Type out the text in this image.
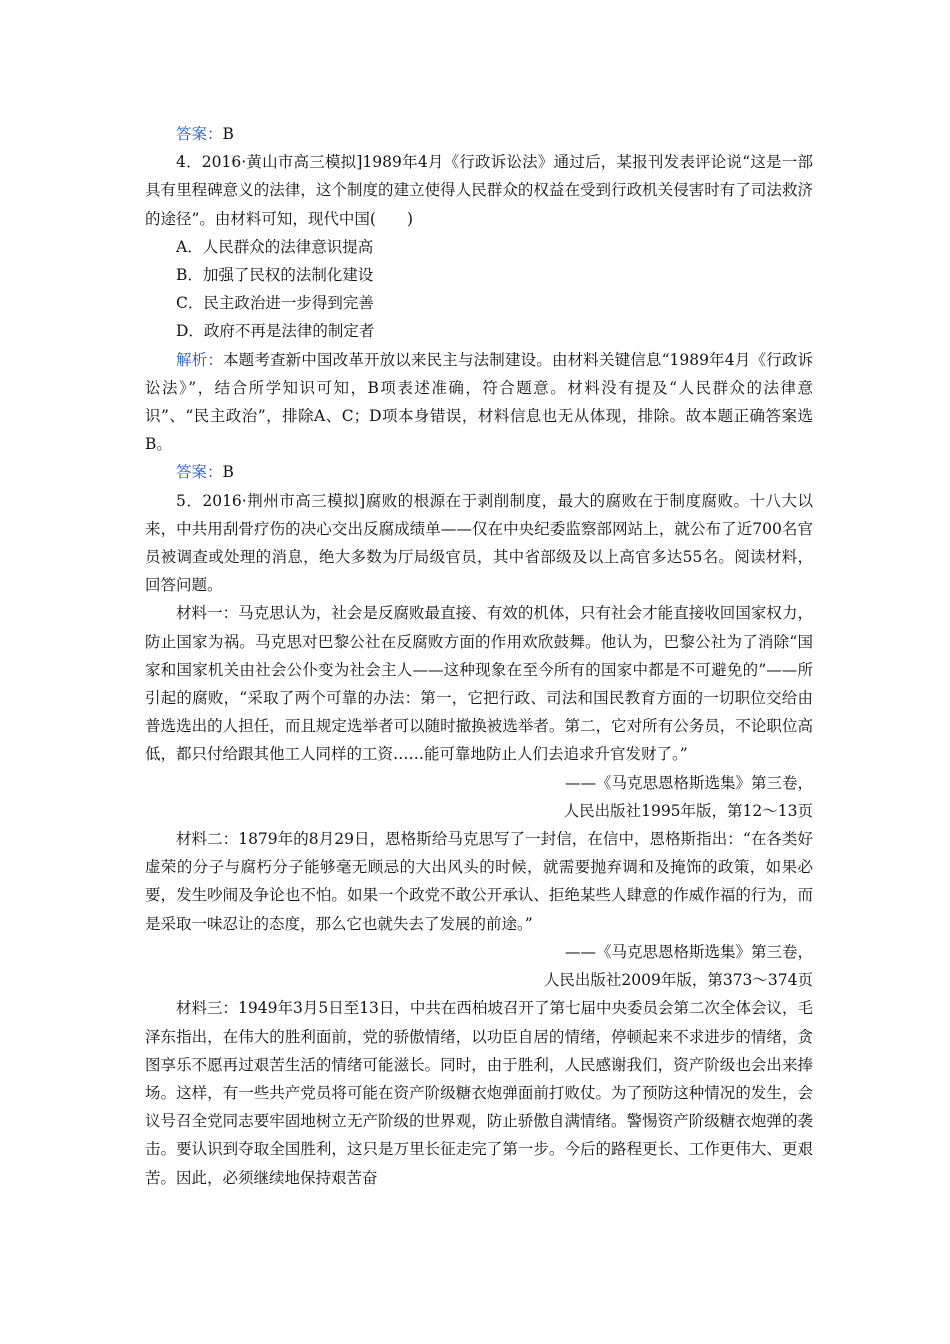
答案：B

4．2016·黄山市高三模拟]1989年4月《行政诉讼法》通过后，某报刊发表评论说“这是一部具有里程碑意义的法律，这个制度的建立使得人民群众的权益在受到行政机关侵害时有了司法救济的途径”。由材料可知，现代中国(　　)

A．人民群众的法律意识提高

B．加强了民权的法制化建设

C．民主政治进一步得到完善

D．政府不再是法律的制定者

解析：本题考查新中国改革开放以来民主与法制建设。由材料关键信息“1989年4月《行政诉讼法》”，结合所学知识可知，B项表述准确，符合题意。材料没有提及“人民群众的法律意识”、“民主政治”，排除A、C；D项本身错误，材料信息也无从体现，排除。故本题正确答案选B。

答案：B

5．2016·荆州市高三模拟]腐败的根源在于剥削制度，最大的腐败在于制度腐败。十八大以来，中共用刮骨疗伤的决心交出反腐成绩单——仅在中央纪委监察部网站上，就公布了近700名官员被调查或处理的消息，绝大多数为厅局级官员，其中省部级及以上高官多达55名。阅读材料，回答问题。

材料一：马克思认为，社会是反腐败最直接、有效的机体，只有社会才能直接收回国家权力，防止国家为祸。马克思对巴黎公社在反腐败方面的作用欢欣鼓舞。他认为，巴黎公社为了消除“国家和国家机关由社会公仆变为社会主人——这种现象在至今所有的国家中都是不可避免的”——所引起的腐败，“采取了两个可靠的办法：第一，它把行政、司法和国民教育方面的一切职位交给由普选选出的人担任，而且规定选举者可以随时撤换被选举者。第二，它对所有公务员，不论职位高低，都只付给跟其他工人同样的工资……能可靠地防止人们去追求升官发财了。”

——《马克思恩格斯选集》第三卷，

人民出版社1995年版，第12～13页

材料二：1879年的8月29日，恩格斯给马克思写了一封信，在信中，恩格斯指出：“在各类好虚荣的分子与腐朽分子能够毫无顾忌的大出风头的时候，就需要抛弃调和及掩饰的政策，如果必要，发生吵闹及争论也不怕。如果一个政党不敢公开承认、拒绝某些人肆意的作威作福的行为，而是采取一味忍让的态度，那么它也就失去了发展的前途。”

——《马克思恩格斯选集》第三卷，

人民出版社2009年版，第373～374页

材料三：1949年3月5日至13日，中共在西柏坡召开了第七届中央委员会第二次全体会议，毛泽东指出，在伟大的胜利面前，党的骄傲情绪，以功臣自居的情绪，停顿起来不求进步的情绪，贪图享乐不愿再过艰苦生活的情绪可能滋长。同时，由于胜利，人民感谢我们，资产阶级也会出来捧场。这样，有一些共产党员将可能在资产阶级糖衣炮弹面前打败仗。为了预防这种情况的发生，会议号召全党同志要牢固地树立无产阶级的世界观，防止骄傲自满情绪。警惕资产阶级糖衣炮弹的袭击。要认识到夺取全国胜利，这只是万里长征走完了第一步。今后的路程更长、工作更伟大、更艰苦。因此，必须继续地保持艰苦奋
